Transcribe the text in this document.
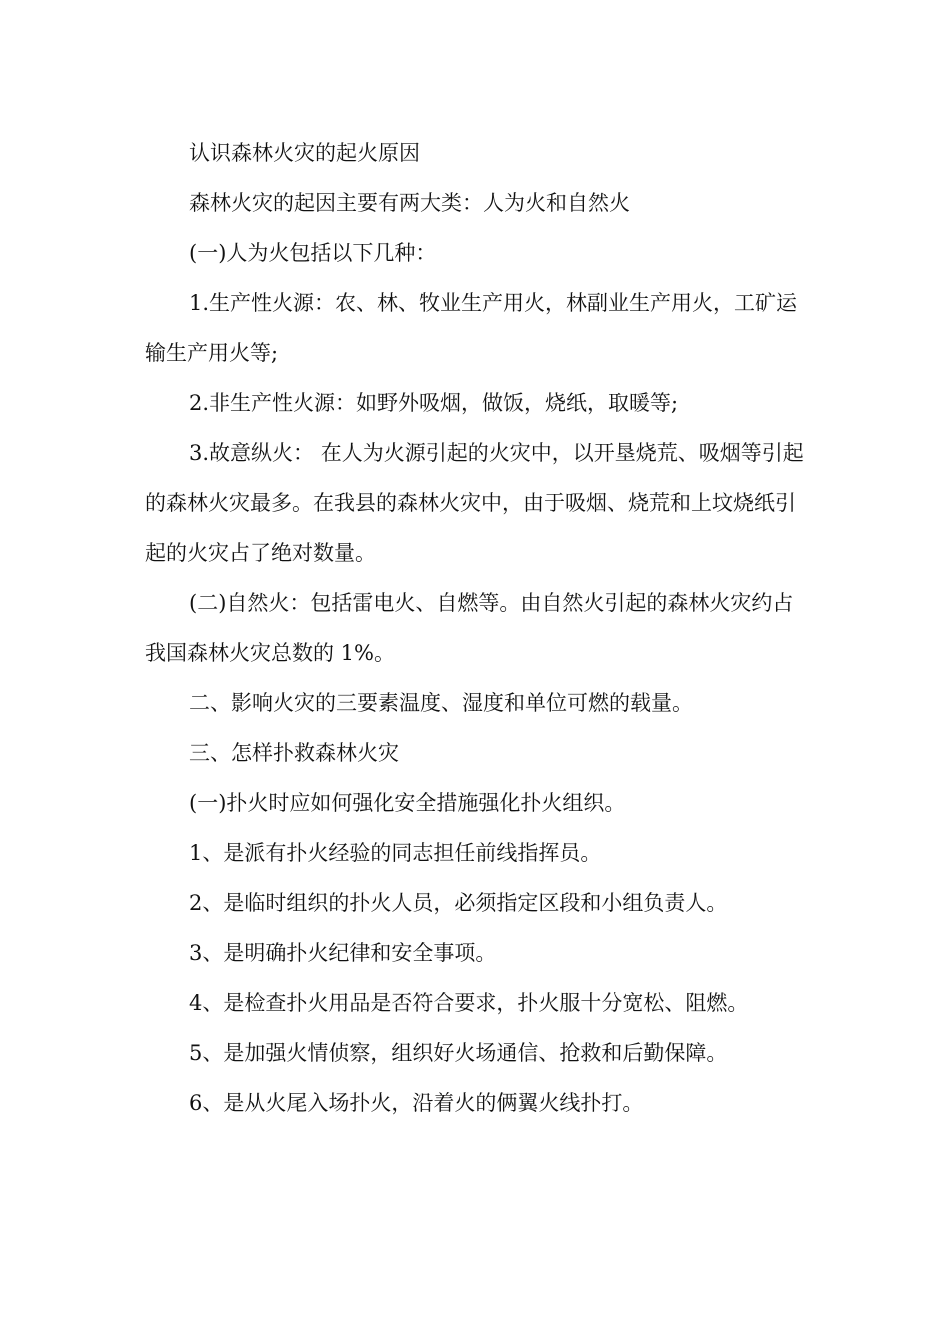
认识森林火灾的起火原因

森林火灾的起因主要有两大类：人为火和自然火

(一)人为火包括以下几种：

1.生产性火源：农、林、牧业生产用火，林副业生产用火，工矿运输生产用火等;

2.非生产性火源：如野外吸烟，做饭，烧纸，取暖等;

3.故意纵火： 在人为火源引起的火灾中，以开垦烧荒、吸烟等引起的森林火灾最多。在我县的森林火灾中，由于吸烟、烧荒和上坟烧纸引起的火灾占了绝对数量。

(二)自然火：包括雷电火、自燃等。由自然火引起的森林火灾约占我国森林火灾总数的 1%。

二、影响火灾的三要素温度、湿度和单位可燃的载量。

三、怎样扑救森林火灾

(一)扑火时应如何强化安全措施强化扑火组织。

1、是派有扑火经验的同志担任前线指挥员。

2、是临时组织的扑火人员，必须指定区段和小组负责人。

3、是明确扑火纪律和安全事项。

4、是检查扑火用品是否符合要求，扑火服十分宽松、阻燃。

5、是加强火情侦察，组织好火场通信、抢救和后勤保障。

6、是从火尾入场扑火，沿着火的俩翼火线扑打。
